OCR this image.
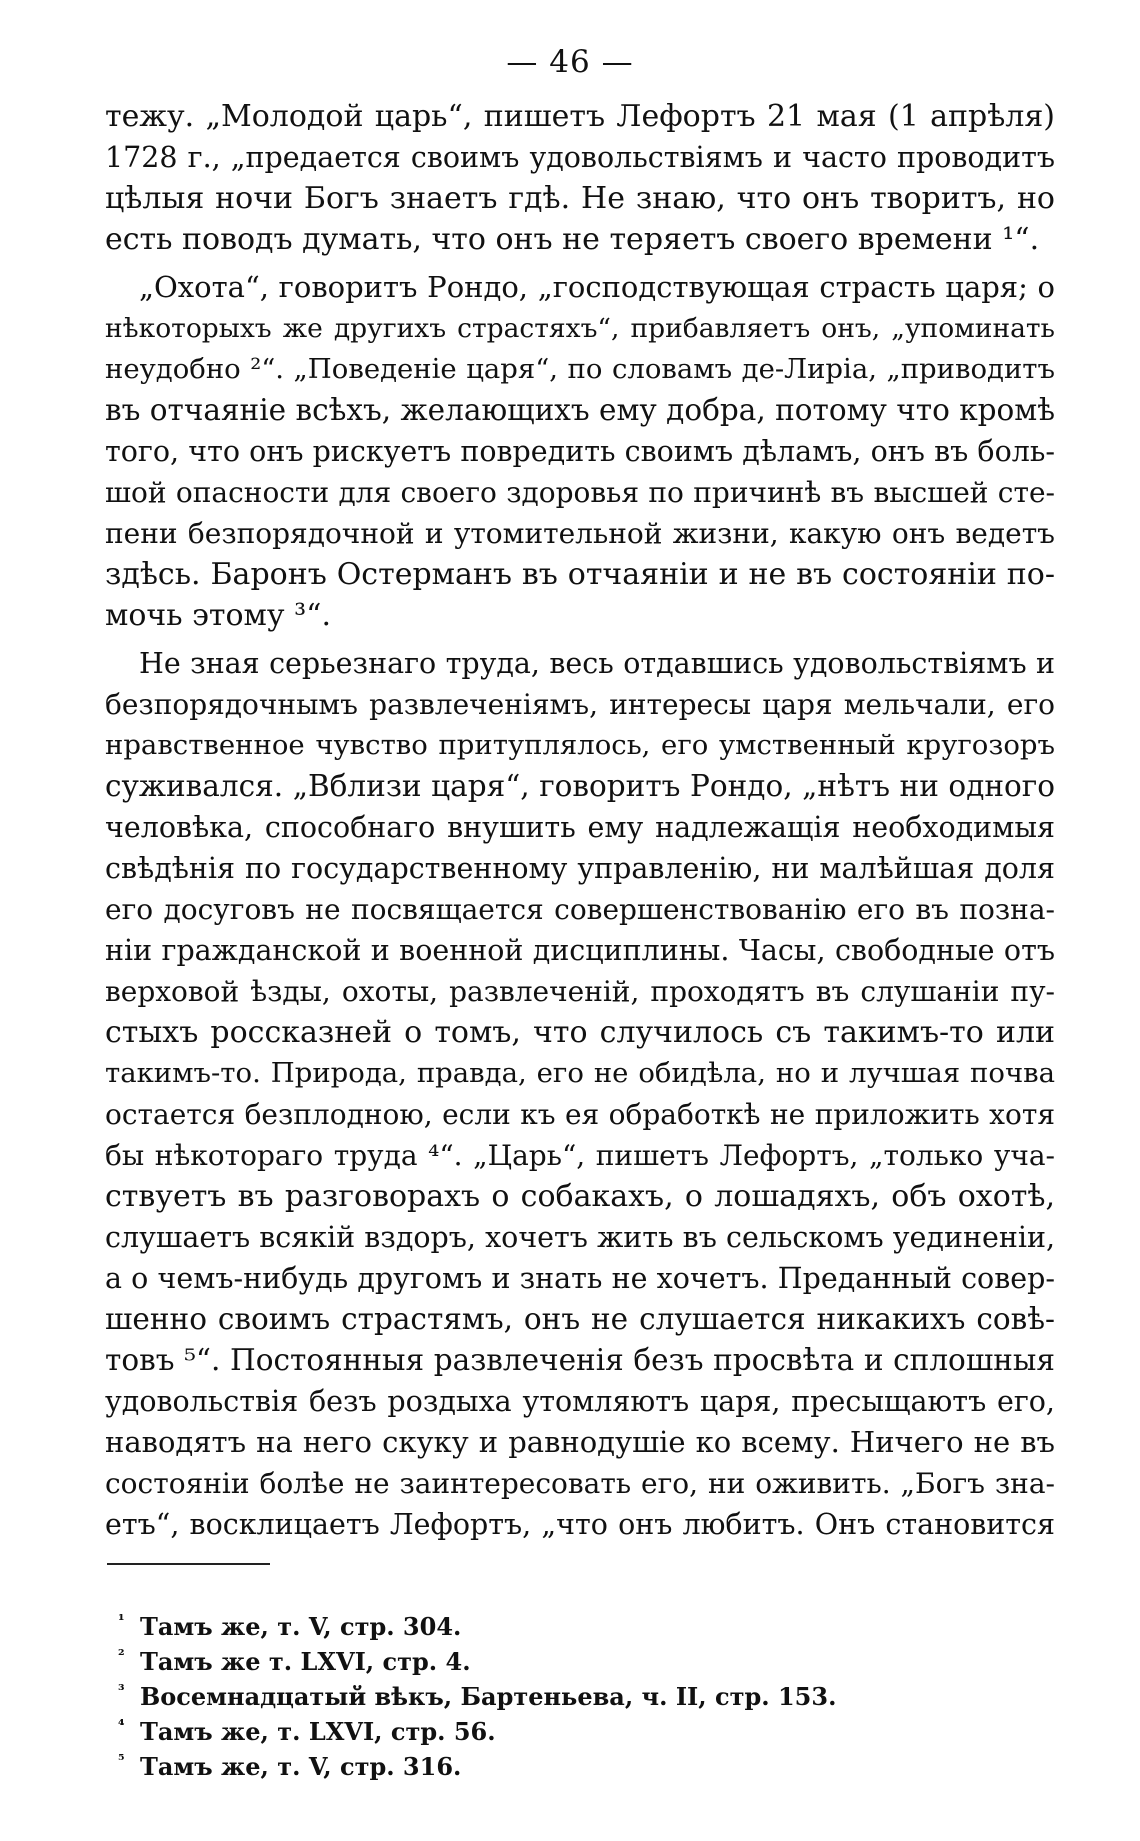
— 46 —
тежу. „Молодой царь“, пишетъ Лефортъ 21 мая (1 апрѣля)
1728 г., „предается своимъ удовольствіямъ и часто проводитъ
цѣлыя ночи Богъ знаетъ гдѣ. Не знаю, что онъ творитъ, но
есть поводъ думать, что онъ не теряетъ своего времени ¹“.
„Охота“, говоритъ Рондо, „господствующая страсть царя; о
нѣкоторыхъ же другихъ страстяхъ“, прибавляетъ онъ, „упоминать
неудобно ²“. „Поведеніе царя“, по словамъ де-Лиріа, „приводитъ
въ отчаяніе всѣхъ, желающихъ ему добра, потому что кромѣ
того, что онъ рискуетъ повредить своимъ дѣламъ, онъ въ боль-
шой опасности для своего здоровья по причинѣ въ высшей сте-
пени безпорядочной и утомительной жизни, какую онъ ведетъ
здѣсь. Баронъ Остерманъ въ отчаяніи и не въ состояніи по-
мочь этому ³“.
Не зная серьезнаго труда, весь отдавшись удовольствіямъ и
безпорядочнымъ развлеченіямъ, интересы царя мельчали, его
нравственное чувство притуплялось, его умственный кругозоръ
суживался. „Вблизи царя“, говоритъ Рондо, „нѣтъ ни одного
человѣка, способнаго внушить ему надлежащія необходимыя
свѣдѣнія по государственному управленію, ни малѣйшая доля
его досуговъ не посвящается совершенствованію его въ позна-
ніи гражданской и военной дисциплины. Часы, свободные отъ
верховой ѣзды, охоты, развлеченій, проходятъ въ слушаніи пу-
стыхъ россказней о томъ, что случилось съ такимъ-то или
такимъ-то. Природа, правда, его не обидѣла, но и лучшая почва
остается безплодною, если къ ея обработкѣ не приложить хотя
бы нѣкотораго труда ⁴“. „Царь“, пишетъ Лефортъ, „только уча-
ствуетъ въ разговорахъ о собакахъ, о лошадяхъ, объ охотѣ,
слушаетъ всякій вздоръ, хочетъ жить въ сельскомъ уединеніи,
а о чемъ-нибудь другомъ и знать не хочетъ. Преданный совер-
шенно своимъ страстямъ, онъ не слушается никакихъ совѣ-
товъ ⁵“. Постоянныя развлеченія безъ просвѣта и сплошныя
удовольствія безъ роздыха утомляютъ царя, пресыщаютъ его,
наводятъ на него скуку и равнодушіе ко всему. Ничего не въ
состояніи болѣе не заинтересовать его, ни оживить. „Богъ зна-
етъ“, восклицаетъ Лефортъ, „что онъ любитъ. Онъ становится
¹ Тамъ же, т. V, стр. 304.
² Тамъ же т. LXVI, стр. 4.
³ Восемнадцатый вѣкъ, Бартеньева, ч. II, стр. 153.
⁴ Тамъ же, т. LXVI, стр. 56.
⁵ Тамъ же, т. V, стр. 316.
